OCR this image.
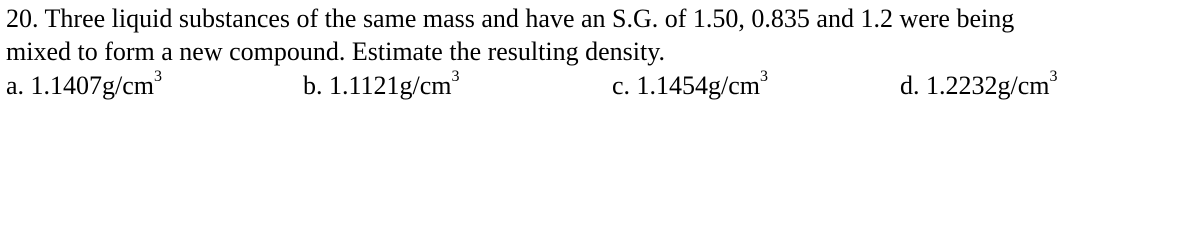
20. Three liquid substances of the same mass and have an S.G. of 1.50, 0.835 and 1.2 were being
mixed to form a new compound. Estimate the resulting density.
a. $1.1407g/cm^3$	b. $1.1121g/cm^3$	c. $1.1454g/cm^3$	d. $1.2232g/cm^3$
